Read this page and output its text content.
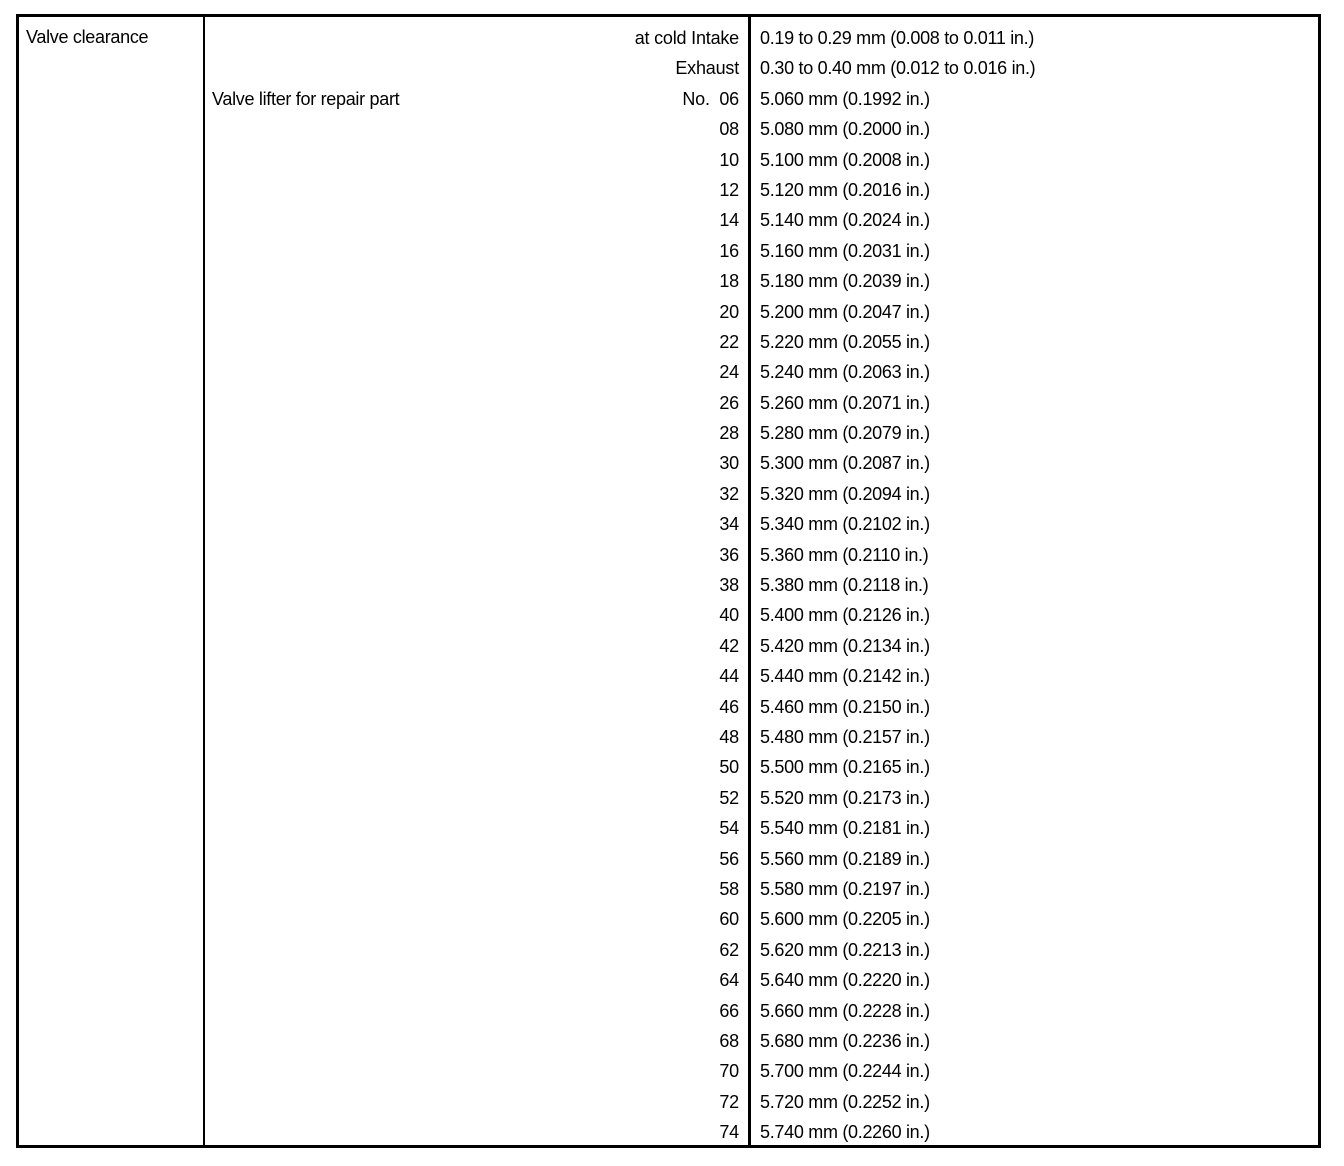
Valve clearance
Valve lifter for repair part
at cold Intake 0.19 to 0.29 mm (0.008 to 0.011 in.)
Exhaust 0.30 to 0.40 mm (0.012 to 0.016 in.)
No.  06 5.060 mm (0.1992 in.)
08 5.080 mm (0.2000 in.)
10 5.100 mm (0.2008 in.)
12 5.120 mm (0.2016 in.)
14 5.140 mm (0.2024 in.)
16 5.160 mm (0.2031 in.)
18 5.180 mm (0.2039 in.)
20 5.200 mm (0.2047 in.)
22 5.220 mm (0.2055 in.)
24 5.240 mm (0.2063 in.)
26 5.260 mm (0.2071 in.)
28 5.280 mm (0.2079 in.)
30 5.300 mm (0.2087 in.)
32 5.320 mm (0.2094 in.)
34 5.340 mm (0.2102 in.)
36 5.360 mm (0.2110 in.)
38 5.380 mm (0.2118 in.)
40 5.400 mm (0.2126 in.)
42 5.420 mm (0.2134 in.)
44 5.440 mm (0.2142 in.)
46 5.460 mm (0.2150 in.)
48 5.480 mm (0.2157 in.)
50 5.500 mm (0.2165 in.)
52 5.520 mm (0.2173 in.)
54 5.540 mm (0.2181 in.)
56 5.560 mm (0.2189 in.)
58 5.580 mm (0.2197 in.)
60 5.600 mm (0.2205 in.)
62 5.620 mm (0.2213 in.)
64 5.640 mm (0.2220 in.)
66 5.660 mm (0.2228 in.)
68 5.680 mm (0.2236 in.)
70 5.700 mm (0.2244 in.)
72 5.720 mm (0.2252 in.)
74 5.740 mm (0.2260 in.)
